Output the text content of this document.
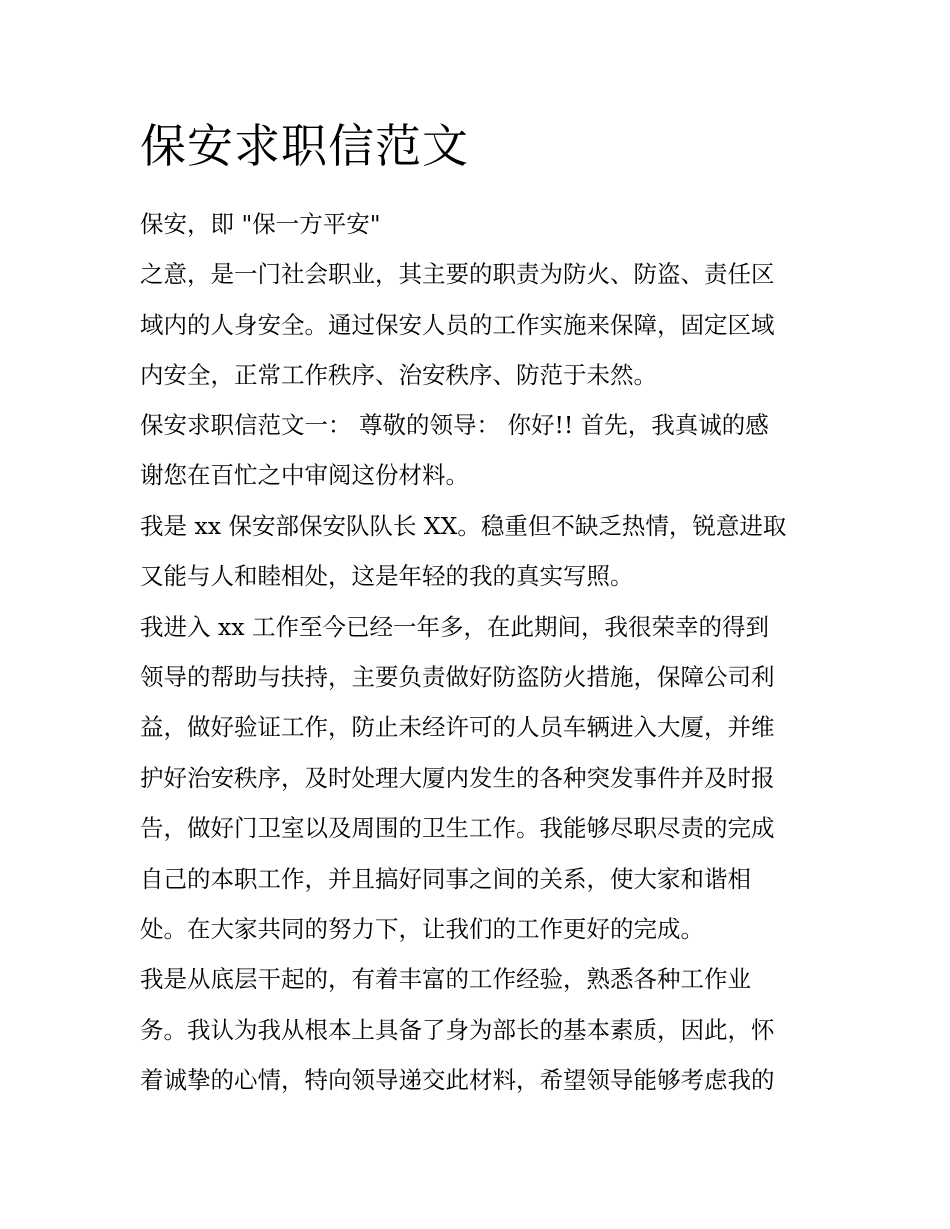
保安求职信范文

保安，即 "保一方平安"

之意，是一门社会职业，其主要的职责为防火、防盗、责任区

域内的人身安全。通过保安人员的工作实施来保障，固定区域

内安全，正常工作秩序、治安秩序、防范于未然。

保安求职信范文一： 尊敬的领导： 你好!! 首先，我真诚的感

谢您在百忙之中审阅这份材料。

我是 xx 保安部保安队队长 XX。稳重但不缺乏热情，锐意进取

又能与人和睦相处，这是年轻的我的真实写照。

我进入 xx 工作至今已经一年多，在此期间，我很荣幸的得到

领导的帮助与扶持，主要负责做好防盗防火措施，保障公司利

益，做好验证工作，防止未经许可的人员车辆进入大厦，并维

护好治安秩序，及时处理大厦内发生的各种突发事件并及时报

告，做好门卫室以及周围的卫生工作。我能够尽职尽责的完成

自己的本职工作，并且搞好同事之间的关系，使大家和谐相

处。在大家共同的努力下，让我们的工作更好的完成。

我是从底层干起的，有着丰富的工作经验，熟悉各种工作业

务。我认为我从根本上具备了身为部长的基本素质，因此，怀

着诚挚的心情，特向领导递交此材料，希望领导能够考虑我的
